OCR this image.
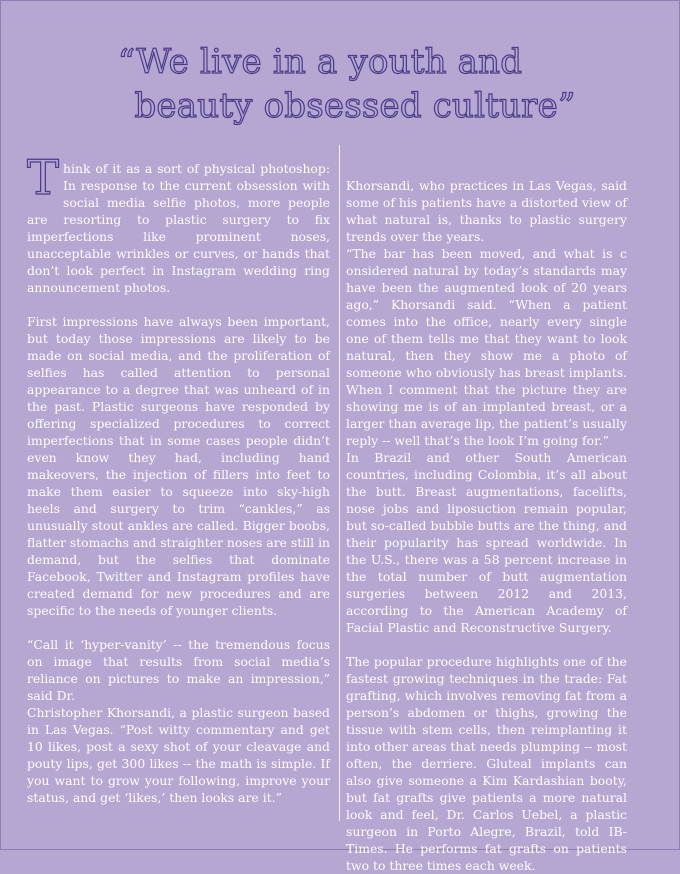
“We live in a youth and
beauty obsessed culture”

Think of it as a sort of physical photoshop: In response to the current obsession with social media selfie photos, more people are resorting to plastic surgery to fix imperfections like prominent noses, unacceptable wrinkles or curves, or hands that don’t look perfect in Instagram wedding ring announcement photos.

First impressions have always been important, but today those impressions are likely to be made on social media, and the proliferation of selfies has called attention to personal appearance to a degree that was unheard of in the past. Plastic surgeons have responded by offering specialized procedures to correct imperfections that in some cases people didn’t even know they had, including hand makeovers, the injection of fillers into feet to make them easier to squeeze into sky-high heels and surgery to trim “cankles,” as unusually stout ankles are called. Bigger boobs, flatter stomachs and straighter noses are still in demand, but the selfies that dominate Facebook, Twitter and Instagram profiles have created demand for new procedures and are specific to the needs of younger clients.

“Call it ‘hyper-vanity’ -- the tremendous focus on image that results from social media’s reliance on pictures to make an impression,” said Dr.

Christopher Khorsandi, a plastic surgeon based in Las Vegas. “Post witty commentary and get 10 likes, post a sexy shot of your cleavage and pouty lips, get 300 likes -- the math is simple. If you want to grow your following, improve your status, and get ‘likes,’ then looks are it.”

Khorsandi, who practices in Las Vegas, said some of his patients have a distorted view of what natural is, thanks to plastic surgery trends over the years.

“The bar has been moved, and what is c onsidered natural by today’s standards may have been the augmented look of 20 years ago,” Khorsandi said. “When a patient comes into the office, nearly every single one of them tells me that they want to look natural, then they show me a photo of someone who obviously has breast implants. When I comment that the picture they are showing me is of an implanted breast, or a larger than average lip, the patient’s usually reply -- well that’s the look I’m going for.”

In Brazil and other South American countries, including Colombia, it’s all about the butt. Breast augmentations, facelifts, nose jobs and liposuction remain popular, but so-called bubble butts are the thing, and their popularity has spread worldwide. In the U.S., there was a 58 percent increase in the total number of butt augmentation surgeries between 2012 and 2013, according to the American Academy of Facial Plastic and Reconstructive Surgery.

The popular procedure highlights one of the fastest growing techniques in the trade: Fat grafting, which involves removing fat from a person’s abdomen or thighs, growing the tissue with stem cells, then reimplanting it into other areas that needs plumping -- most often, the derriere. Gluteal implants can also give someone a Kim Kardashian booty, but fat grafts give patients a more natural look and feel, Dr. Carlos Uebel, a plastic surgeon in Porto Alegre, Brazil, told IB-Times. He performs fat grafts on patients two to three times each week.
